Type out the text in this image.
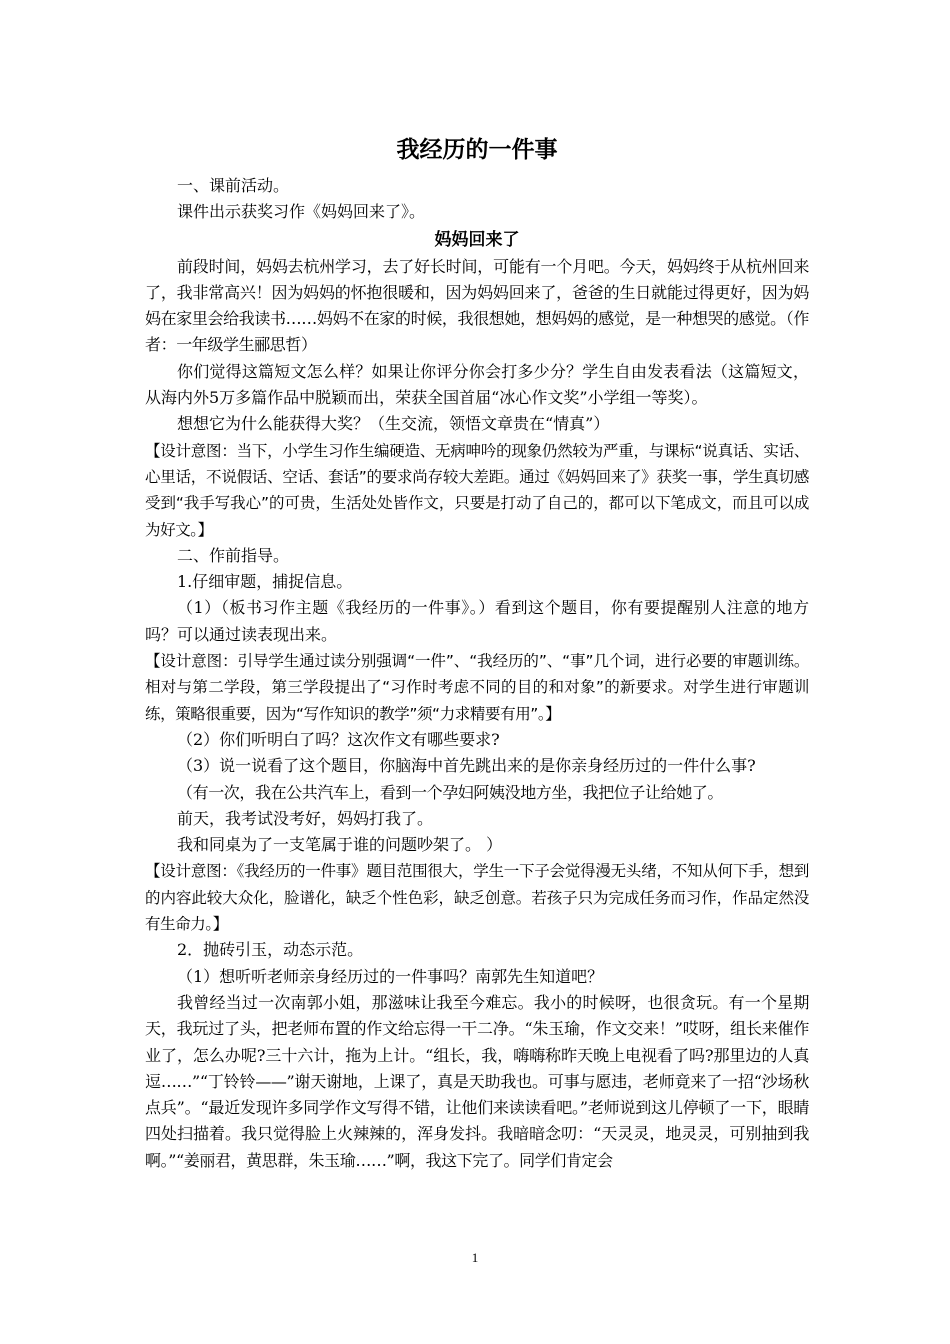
我经历的一件事

一、课前活动。

课件出示获奖习作《妈妈回来了》。

妈妈回来了

前段时间，妈妈去杭州学习，去了好长时间，可能有一个月吧。今天，妈妈终于从杭州回来了，我非常高兴！因为妈妈的怀抱很暖和，因为妈妈回来了，爸爸的生日就能过得更好，因为妈妈在家里会给我读书……妈妈不在家的时候，我很想她，想妈妈的感觉，是一种想哭的感觉。（作者：一年级学生郦思哲）

你们觉得这篇短文怎么样？如果让你评分你会打多少分？学生自由发表看法（这篇短文，从海内外5万多篇作品中脱颖而出，荣获全国首届“冰心作文奖”小学组一等奖）。

想想它为什么能获得大奖？（生交流，领悟文章贵在“情真”）

【设计意图：当下，小学生习作生编硬造、无病呻吟的现象仍然较为严重，与课标“说真话、实话、心里话，不说假话、空话、套话”的要求尚存较大差距。通过《妈妈回来了》获奖一事，学生真切感受到“我手写我心”的可贵，生活处处皆作文，只要是打动了自己的，都可以下笔成文，而且可以成为好文。】

二、作前指导。

1.仔细审题，捕捉信息。

（1）（板书习作主题《我经历的一件事》。）看到这个题目，你有要提醒别人注意的地方吗？可以通过读表现出来。

【设计意图：引导学生通过读分别强调“一件”、“我经历的”、“事”几个词，进行必要的审题训练。相对与第二学段，第三学段提出了“习作时考虑不同的目的和对象”的新要求。对学生进行审题训练，策略很重要，因为“写作知识的教学”须“力求精要有用”。】

（2）你们听明白了吗？这次作文有哪些要求?

（3）说一说看了这个题目，你脑海中首先跳出来的是你亲身经历过的一件什么事?

（有一次，我在公共汽车上，看到一个孕妇阿姨没地方坐，我把位子让给她了。

前天，我考试没考好，妈妈打我了。

我和同桌为了一支笔属于谁的问题吵架了。 ）

【设计意图：《我经历的一件事》题目范围很大，学生一下子会觉得漫无头绪，不知从何下手，想到的内容此较大众化，脸谱化，缺乏个性色彩，缺乏创意。若孩子只为完成任务而习作，作品定然没有生命力。】

2．抛砖引玉，动态示范。

（1）想听听老师亲身经历过的一件事吗？南郭先生知道吧？

我曾经当过一次南郭小姐，那滋味让我至今难忘。我小的时候呀，也很贪玩。有一个星期天，我玩过了头，把老师布置的作文给忘得一干二净。“朱玉瑜，作文交来！”哎呀，组长来催作业了，怎么办呢?三十六计，拖为上计。“组长，我，嗨嗨称昨天晚上电视看了吗?那里边的人真逗……”“丁铃铃——”谢天谢地，上课了，真是天助我也。可事与愿违，老师竟来了一招“沙场秋点兵”。“最近发现许多同学作文写得不错，让他们来读读看吧。”老师说到这儿停顿了一下，眼睛四处扫描着。我只觉得脸上火辣辣的，浑身发抖。我暗暗念叨：“天灵灵，地灵灵，可别抽到我啊。”“姜丽君，黄思群，朱玉瑜……”啊，我这下完了。同学们肯定会

1
